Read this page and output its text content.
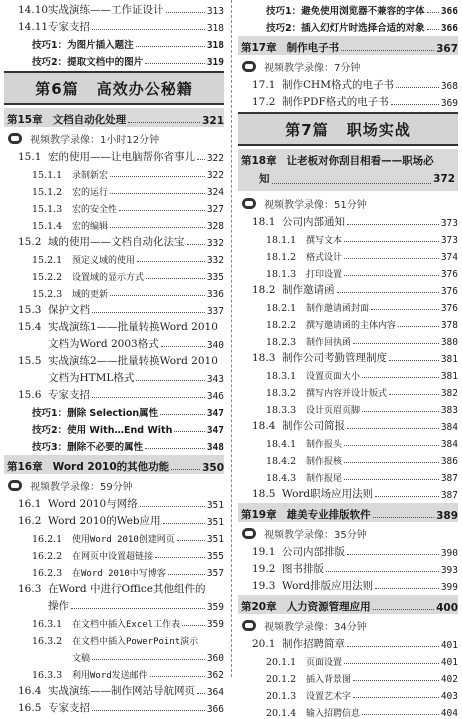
14.10实战演练——工作证设计	313
14.11专家支招	318
技巧1：为图片插入题注	318
技巧2：提取文档中的图片	319
第6篇 高效办公秘籍
第15章 文档自动化处理	321
视频教学录像：1小时12分钟
15.1 宏的使用——让电脑帮你省事儿 322
15.1.1 录制新宏	322
15.1.2 宏的运行	324
15.1.3 宏的安全性	327
15.1.4 宏的编辑	328
15.2 域的使用——文档自动化法宝 332
15.2.1 预定义域的使用	332
15.2.2 设置域的显示方式	335
15.2.3 域的更新	336
15.3 保护文档	337
15.4 实战演练1——批量转换Word 2010
文档为Word 2003格式	340
15.5 实战演练2——批量转换Word 2010
文档为HTML格式	343
15.6 专家支招	346
技巧1：删除 Selection属性	347
技巧2：使用 With…End With	347
技巧3：删除不必要的属性	348
第16章 Word 2010的其他功能	350
视频教学录像：59分钟
16.1 Word 2010与网络	351
16.2 Word 2010的Web应用	351
16.2.1 使用Word 2010创建网页	351
16.2.2 在网页中设置超链接	355
16.2.3 在Word 2010中写博客	357
16.3 在Word 中进行Office其他组件的
操作	359
16.3.1 在文档中插入Excel工作表	359
16.3.2 在文档中插入PowerPoint演示
文稿	360
16.3.3 利用Word发送邮件	362
16.4 实战演练——制作网站导航网页 364
16.5 专家支招	366
技巧1：避免使用浏览器不兼容的字体 366
技巧2：插入幻灯片时选择合适的对象 366
第17章 制作电子书	367
视频教学录像：7分钟
17.1 制作CHM格式的电子书	368
17.2 制作PDF格式的电子书	369
第7篇 职场实战
第18章 让老板对你刮目相看——职场必
知	372
视频教学录像：51分钟
18.1 公司内部通知	373
18.1.1 撰写文本	373
18.1.2 格式设计	374
18.1.3 打印设置	376
18.2 制作邀请函	376
18.2.1 制作邀请函封面	376
18.2.2 撰写邀请函的主体内容	378
18.2.3 制作回执函	380
18.3 制作公司考勤管理制度	381
18.3.1 设置页面大小	381
18.3.2 撰写内容并设计版式	382
18.3.3 设计页眉页脚	383
18.4 制作公司简报	384
18.4.1 制作报头	384
18.4.2 制作报核	386
18.4.3 制作报尾	387
18.5 Word职场应用法则	387
第19章 雄美专业排版软件	389
视频教学录像：35分钟
19.1 公司内部排版	390
19.2 图书排版	393
19.3 Word排版应用法则	399
第20章 人力资源管理应用	400
视频教学录像：34分钟
20.1 制作招聘简章	401
20.1.1 页面设置	401
20.1.2 插入背景图	402
20.1.3 设置艺术字	403
20.1.4 输入招聘信息	404
